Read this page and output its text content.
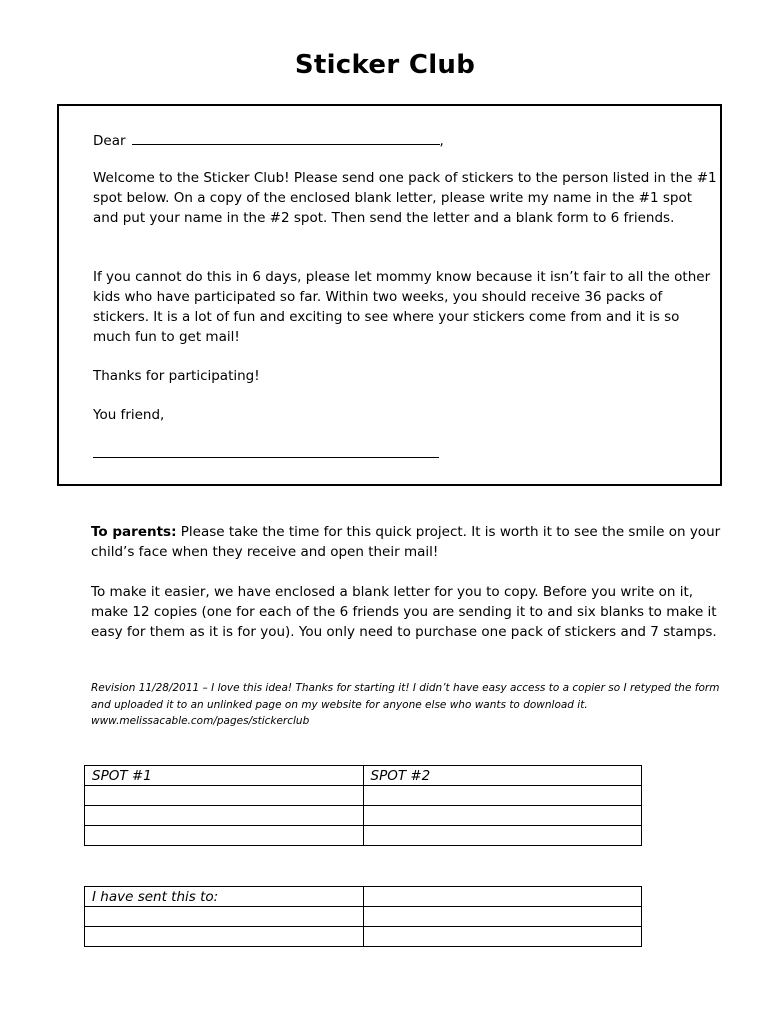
Sticker Club
Dear	,
Welcome to the Sticker Club! Please send one pack of stickers to the person listed in the #1 spot below. On a copy of the enclosed blank letter, please write my name in the #1 spot and put your name in the #2 spot. Then send the letter and a blank form to 6 friends.
If you cannot do this in 6 days, please let mommy know because it isn’t fair to all the other kids who have participated so far. Within two weeks, you should receive 36 packs of stickers. It is a lot of fun and exciting to see where your stickers come from and it is so much fun to get mail!
Thanks for participating!
You friend,
To parents: Please take the time for this quick project. It is worth it to see the smile on your child’s face when they receive and open their mail!
To make it easier, we have enclosed a blank letter for you to copy. Before you write on it, make 12 copies (one for each of the 6 friends you are sending it to and six blanks to make it easy for them as it is for you). You only need to purchase one pack of stickers and 7 stamps.
Revision 11/28/2011 – I love this idea! Thanks for starting it! I didn’t have easy access to a copier so I retyped the form and uploaded it to an unlinked page on my website for anyone else who wants to download it. www.melissacable.com/pages/stickerclub
SPOT #1	SPOT #2

I have sent this to:	
